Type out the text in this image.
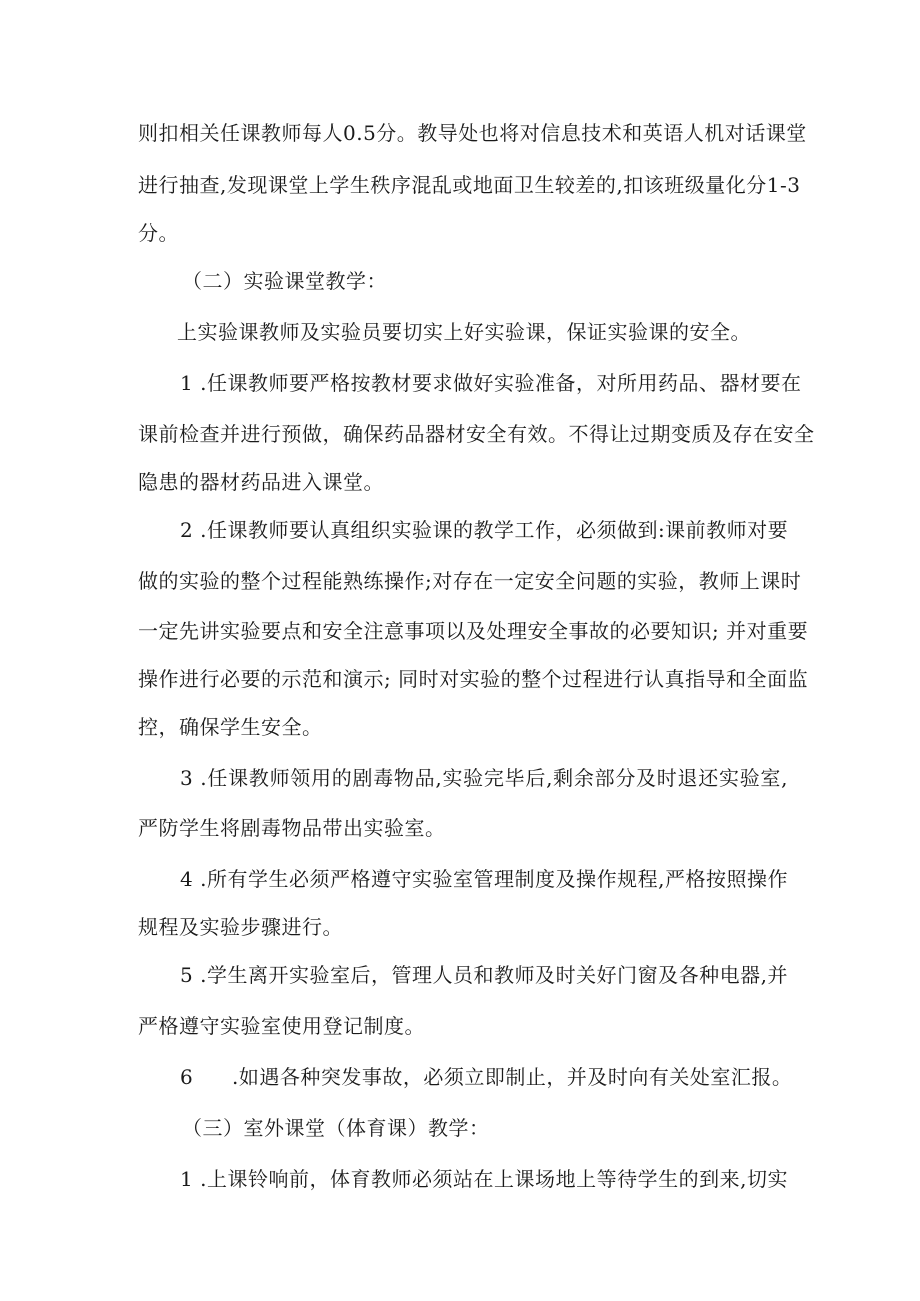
则扣相关任课教师每人0.5分。教导处也将对信息技术和英语人机对话课堂
进行抽查,发现课堂上学生秩序混乱或地面卫生较差的,扣该班级量化分1-3
分。
（二）实验课堂教学：
上实验课教师及实验员要切实上好实验课，保证实验课的安全。
1 .任课教师要严格按教材要求做好实验准备，对所用药品、器材要在
课前检查并进行预做，确保药品器材安全有效。不得让过期变质及存在安全
隐患的器材药品进入课堂。
2 .任课教师要认真组织实验课的教学工作，必须做到:课前教师对要
做的实验的整个过程能熟练操作;对存在一定安全问题的实验，教师上课时
一定先讲实验要点和安全注意事项以及处理安全事故的必要知识; 并对重要
操作进行必要的示范和演示; 同时对实验的整个过程进行认真指导和全面监
控，确保学生安全。
3 .任课教师领用的剧毒物品,实验完毕后,剩余部分及时退还实验室,
严防学生将剧毒物品带出实验室。
4 .所有学生必须严格遵守实验室管理制度及操作规程,严格按照操作
规程及实验步骤进行。
5 .学生离开实验室后，管理人员和教师及时关好门窗及各种电器,并
严格遵守实验室使用登记制度。
6 .如遇各种突发事故，必须立即制止，并及时向有关处室汇报。
（三）室外课堂（体育课）教学：
1 .上课铃响前，体育教师必须站在上课场地上等待学生的到来,切实
